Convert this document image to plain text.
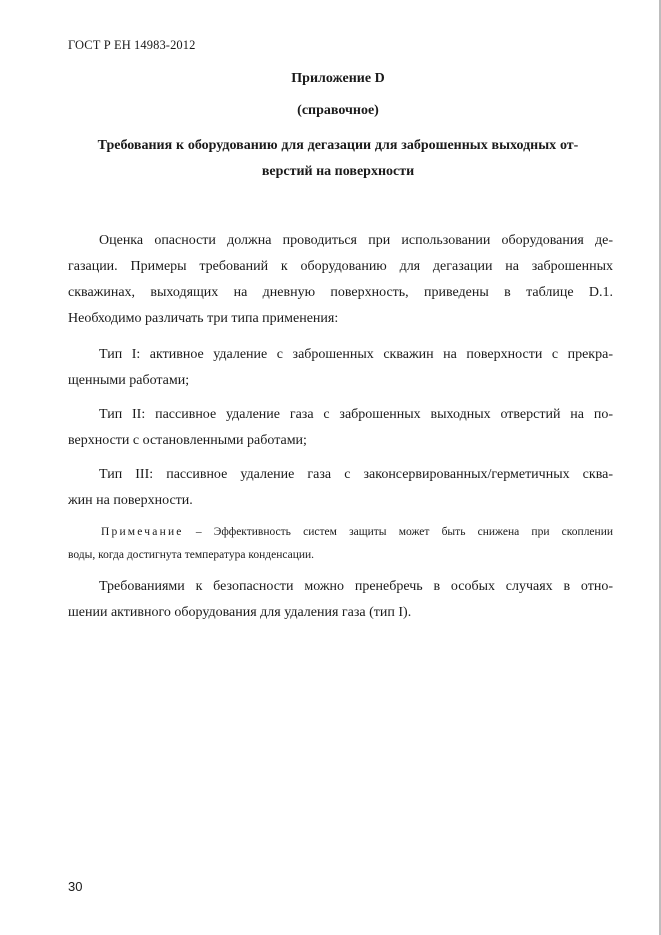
ГОСТ Р ЕН 14983-2012
Приложение D
(справочное)
Требования к оборудованию для дегазации для заброшенных выходных от-
верстий на поверхности
Оценка опасности должна проводиться при использовании оборудования де-
газации. Примеры требований к оборудованию для дегазации на заброшенных
скважинах, выходящих на дневную поверхность, приведены в таблице D.1.
Необходимо различать три типа применения:
Тип I: активное удаление с заброшенных скважин на поверхности с прекра-
щенными работами;
Тип II: пассивное удаление газа с заброшенных выходных отверстий на по-
верхности с остановленными работами;
Тип III: пассивное удаление газа с законсервированных/герметичных сква-
жин на поверхности.
Примечание – Эффективность систем защиты может быть снижена при скоплении
воды, когда достигнута температура конденсации.
Требованиями к безопасности можно пренебречь в особых случаях в отно-
шении активного оборудования для удаления газа (тип I).
30
